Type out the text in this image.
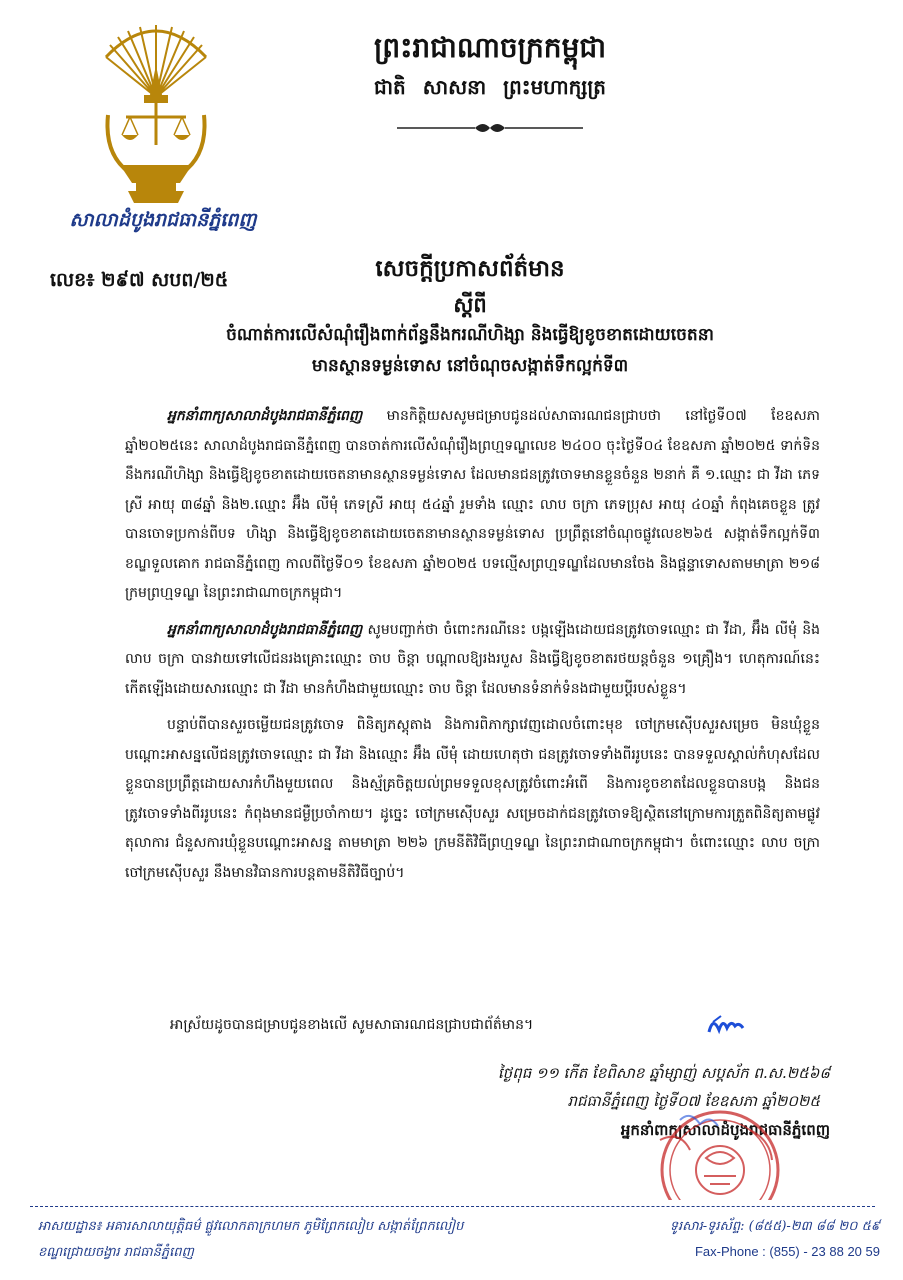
សាលាដំបូងរាជធានីភ្នំពេញ
ព្រះរាជាណាចក្រកម្ពុជា
ជាតិ សាសនា ព្រះមហាក្សត្រ
លេខ៖ ២៩៧ សបព/២៥	សេចក្តីប្រកាសព័ត៌មាន
ស្តីពី
ចំណាត់ការលើសំណុំរឿងពាក់ព័ន្ធនឹងករណីហិង្សា និងធ្វើឱ្យខូចខាតដោយចេតនា
មានស្ថានទម្ងន់ទោស នៅចំណុចសង្កាត់ទឹកល្អក់ទី៣

អ្នកនាំពាក្យសាលាដំបូងរាជធានីភ្នំពេញ មានកិត្តិយសសូមជម្រាបជូនដល់សាធារណជនជ្រាបថា នៅថ្ងៃទី០៧ ខែឧសភា ឆ្នាំ២០២៥នេះ សាលាដំបូងរាជធានីភ្នំពេញ បានចាត់ការលើសំណុំរឿងព្រហ្មទណ្ឌលេខ ២៤០០ ចុះថ្ងៃទី០៤ ខែឧសភា ឆ្នាំ២០២៥ ទាក់ទិននឹងករណីហិង្សា និងធ្វើឱ្យខូចខាតដោយចេតនាមានស្ថានទម្ងន់ទោស ដែលមានជនត្រូវចោទមានខ្លួនចំនួន ២នាក់ គឺ ១.ឈ្មោះ ជា វីដា ភេទស្រី អាយុ ៣៨ឆ្នាំ និង២.ឈ្មោះ អ៊ឹង លីមុំ ភេទស្រី អាយុ ៥៤ឆ្នាំ រួមទាំង ឈ្មោះ លាប ចក្រា ភេទប្រុស អាយុ ៤០ឆ្នាំ កំពុងគេចខ្លួន ត្រូវបានចោទប្រកាន់ពីបទ ហិង្សា និងធ្វើឱ្យខូចខាតដោយចេតនាមានស្ថានទម្ងន់ទោស ប្រព្រឹត្តនៅចំណុចផ្លូវលេខ២៦៥ សង្កាត់ទឹកល្អក់ទី៣ ខណ្ឌទួលគោក រាជធានីភ្នំពេញ កាលពីថ្ងៃទី០១ ខែឧសភា ឆ្នាំ២០២៥ បទល្មើសព្រហ្មទណ្ឌដែលមានចែង និងផ្តន្ទាទោសតាមមាត្រា ២១៨ ក្រមព្រហ្មទណ្ឌ នៃព្រះរាជាណាចក្រកម្ពុជា។

អ្នកនាំពាក្យសាលាដំបូងរាជធានីភ្នំពេញ សូមបញ្ជាក់ថា ចំពោះករណីនេះ បង្កឡើងដោយជនត្រូវចោទឈ្មោះ ជា វីដា, អ៊ឹង លីមុំ និង លាប ចក្រា បានវាយទៅលើជនរងគ្រោះឈ្មោះ ចាប ចិន្តា បណ្តាលឱ្យរងរបួស និងធ្វើឱ្យខូចខាតរថយន្តចំនួន ១គ្រឿង។ ហេតុការណ៍នេះ កើតឡើងដោយសារឈ្មោះ ជា វីដា មានកំហឹងជាមួយឈ្មោះ ចាប ចិន្តា ដែលមានទំនាក់ទំនងជាមួយប្តីរបស់ខ្លួន។

បន្ទាប់ពីបានសួរចម្លើយជនត្រូវចោទ ពិនិត្យភស្តុតាង និងការពិភាក្សាវេញដោលចំពោះមុខ ចៅក្រមស៊ើបសួរសម្រេច មិនឃុំខ្លួនបណ្តោះអាសន្នលើជនត្រូវចោទឈ្មោះ ជា វីដា និងឈ្មោះ អ៊ឹង លីមុំ ដោយហេតុថា ជនត្រូវចោទទាំងពីររូបនេះ បានទទួលស្គាល់កំហុសដែលខ្លួនបានប្រព្រឹត្តដោយសារកំហឹងមួយពេល និងស្ម័គ្រចិត្តយល់ព្រមទទួលខុសត្រូវចំពោះអំពើ និងការខូចខាតដែលខ្លួនបានបង្ក និងជនត្រូវចោទទាំងពីររូបនេះ កំពុងមានជម្ងឺប្រចាំកាយ។ ដូច្នេះ ចៅក្រមស៊ើបសួរ សម្រេចដាក់ជនត្រូវចោទឱ្យស្ថិតនៅក្រោមការត្រួតពិនិត្យតាមផ្លូវតុលាការ ជំនួសការឃុំខ្លួនបណ្តោះអាសន្ន តាមមាត្រា ២២៦ ក្រមនីតិវិធីព្រហ្មទណ្ឌ នៃព្រះរាជាណាចក្រកម្ពុជា។ ចំពោះឈ្មោះ លាប ចក្រា ចៅក្រមស៊ើបសួរ នឹងមានវិធានការបន្តតាមនីតិវិធីច្បាប់។

អាស្រ័យដូចបានជម្រាបជូនខាងលើ សូមសាធារណជនជ្រាបជាព័ត៌មាន។
ថ្ងៃពុធ ១១ កើត ខែពិសាខ ឆ្នាំម្សាញ់ សប្តស័ក ព.ស.២៥៦៨
រាជធានីភ្នំពេញ ថ្ងៃទី០៧ ខែឧសភា ឆ្នាំ២០២៥
អ្នកនាំពាក្យសាលាដំបូងរាជធានីភ្នំពេញ
អាសយដ្ឋាន៖ អគារសាលាយុត្តិធម៌ ផ្លូវលោកតាក្រហមក ភូមិព្រែកលៀប សង្កាត់ព្រែកលៀប
ខណ្ឌជ្រោយចង្វារ រាជធានីភ្នំពេញ
ទូរសារ-ទូរស័ព្ទ: (៨៥៥)-២៣ ៨៨ ២០ ៥៩
Fax-Phone : (855) - 23 88 20 59
